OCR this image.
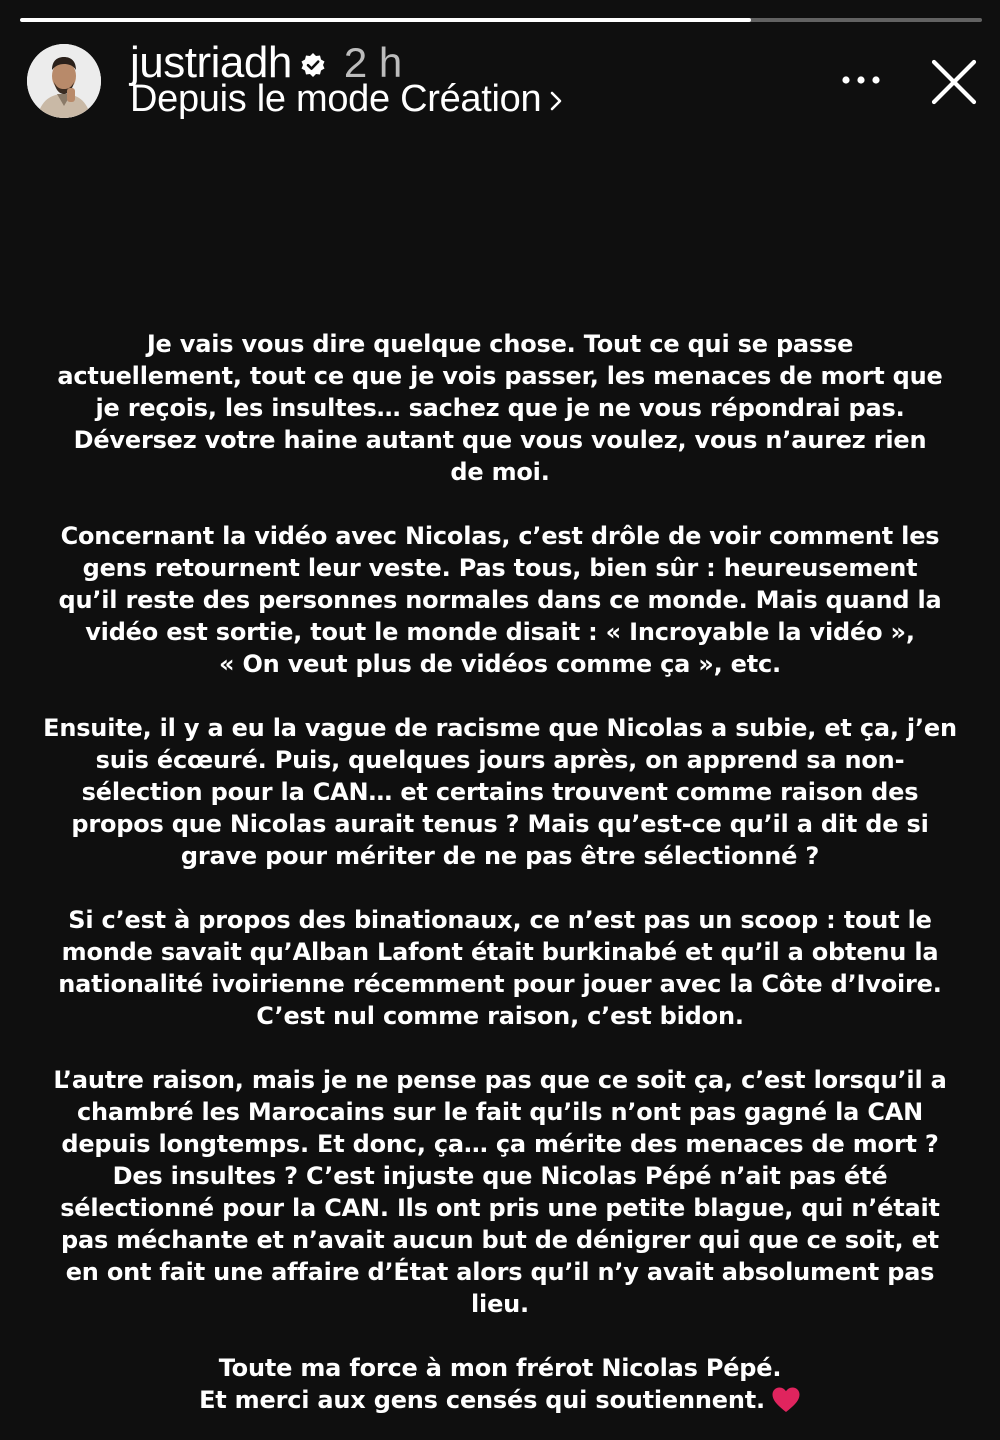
justriadh 2 h
Depuis le mode Création
Je vais vous dire quelque chose. Tout ce qui se passe
actuellement, tout ce que je vois passer, les menaces de mort que
je reçois, les insultes… sachez que je ne vous répondrai pas.
Déversez votre haine autant que vous voulez, vous n’aurez rien
de moi.
Concernant la vidéo avec Nicolas, c’est drôle de voir comment les
gens retournent leur veste. Pas tous, bien sûr : heureusement
qu’il reste des personnes normales dans ce monde. Mais quand la
vidéo est sortie, tout le monde disait : « Incroyable la vidéo »,
« On veut plus de vidéos comme ça », etc.
Ensuite, il y a eu la vague de racisme que Nicolas a subie, et ça, j’en
suis écœuré. Puis, quelques jours après, on apprend sa non-
sélection pour la CAN… et certains trouvent comme raison des
propos que Nicolas aurait tenus ? Mais qu’est-ce qu’il a dit de si
grave pour mériter de ne pas être sélectionné ?
Si c’est à propos des binationaux, ce n’est pas un scoop : tout le
monde savait qu’Alban Lafont était burkinabé et qu’il a obtenu la
nationalité ivoirienne récemment pour jouer avec la Côte d’Ivoire.
C’est nul comme raison, c’est bidon.
L’autre raison, mais je ne pense pas que ce soit ça, c’est lorsqu’il a
chambré les Marocains sur le fait qu’ils n’ont pas gagné la CAN
depuis longtemps. Et donc, ça… ça mérite des menaces de mort ?
Des insultes ? C’est injuste que Nicolas Pépé n’ait pas été
sélectionné pour la CAN. Ils ont pris une petite blague, qui n’était
pas méchante et n’avait aucun but de dénigrer qui que ce soit, et
en ont fait une affaire d’État alors qu’il n’y avait absolument pas
lieu.
Toute ma force à mon frérot Nicolas Pépé.
Et merci aux gens censés qui soutiennent.
